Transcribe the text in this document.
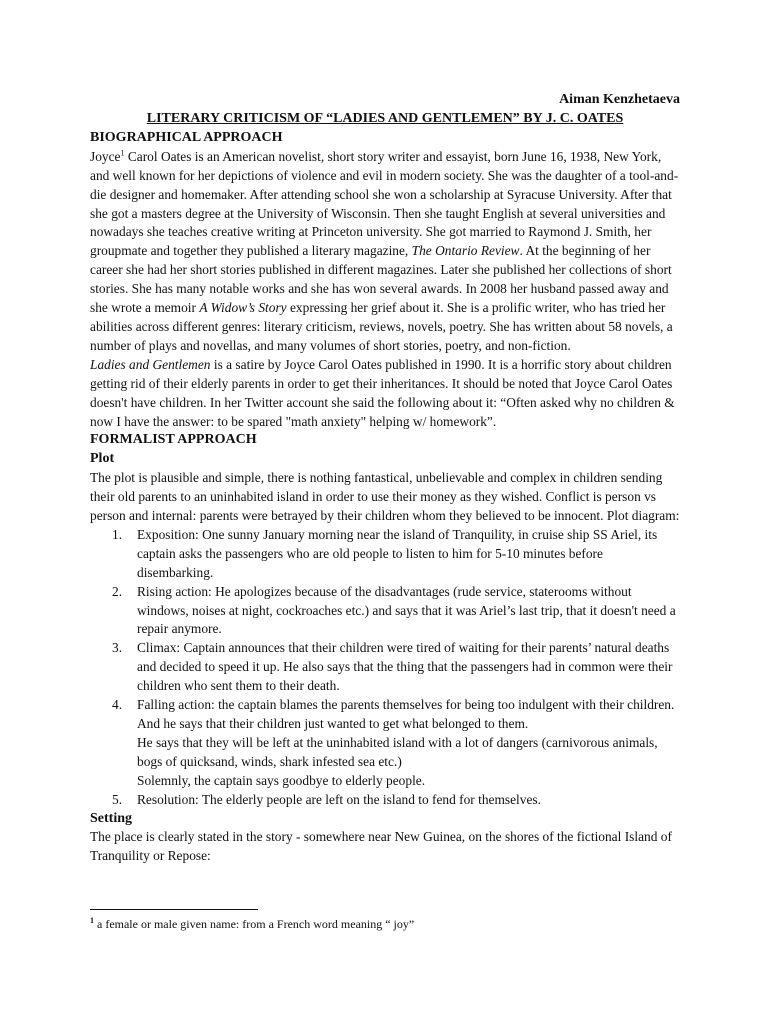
Aiman Kenzhetaeva

LITERARY CRITICISM OF “LADIES AND GENTLEMEN” BY J. C. OATES

BIOGRAPHICAL APPROACH

Joyce$^1$ Carol Oates is an American novelist, short story writer and essayist, born June 16, 1938, New York, and well known for her depictions of violence and evil in modern society. She was the daughter of a tool-and-die designer and homemaker. After attending school she won a scholarship at Syracuse University. After that she got a masters degree at the University of Wisconsin. Then she taught English at several universities and nowadays she teaches creative writing at Princeton university. She got married to Raymond J. Smith, her groupmate and together they published a literary magazine, The Ontario Review. At the beginning of her career she had her short stories published in different magazines. Later she published her collections of short stories. She has many notable works and she has won several awards. In 2008 her husband passed away and she wrote a memoir A Widow’s Story expressing her grief about it. She is a prolific writer, who has tried her abilities across different genres: literary criticism, reviews, novels, poetry. She has written about 58 novels, a number of plays and novellas, and many volumes of short stories, poetry, and non-fiction.

Ladies and Gentlemen is a satire by Joyce Carol Oates published in 1990. It is a horrific story about children getting rid of their elderly parents in order to get their inheritances. It should be noted that Joyce Carol Oates doesn't have children. In her Twitter account she said the following about it: “Often asked why no children & now I have the answer: to be spared "math anxiety" helping w/ homework”.

FORMALIST APPROACH

Plot

The plot is plausible and simple, there is nothing fantastical, unbelievable and complex in children sending their old parents to an uninhabited island in order to use their money as they wished. Conflict is person vs person and internal: parents were betrayed by their children whom they believed to be innocent. Plot diagram:

1. Exposition: One sunny January morning near the island of Tranquility, in cruise ship SS Ariel, its captain asks the passengers who are old people to listen to him for 5-10 minutes before disembarking.
2. Rising action: He apologizes because of the disadvantages (rude service, staterooms without windows, noises at night, cockroaches etc.) and says that it was Ariel’s last trip, that it doesn't need a repair anymore.
3. Climax: Captain announces that their children were tired of waiting for their parents’ natural deaths and decided to speed it up. He also says that the thing that the passengers had in common were their children who sent them to their death.
4. Falling action: the captain blames the parents themselves for being too indulgent with their children. And he says that their children just wanted to get what belonged to them.
He says that they will be left at the uninhabited island with a lot of dangers (carnivorous animals, bogs of quicksand, winds, shark infested sea etc.)
Solemnly, the captain says goodbye to elderly people.
5. Resolution: The elderly people are left on the island to fend for themselves.

Setting

The place is clearly stated in the story - somewhere near New Guinea, on the shores of the fictional Island of Tranquility or Repose:

$^1$ a female or male given name: from a French word meaning “ joy”
